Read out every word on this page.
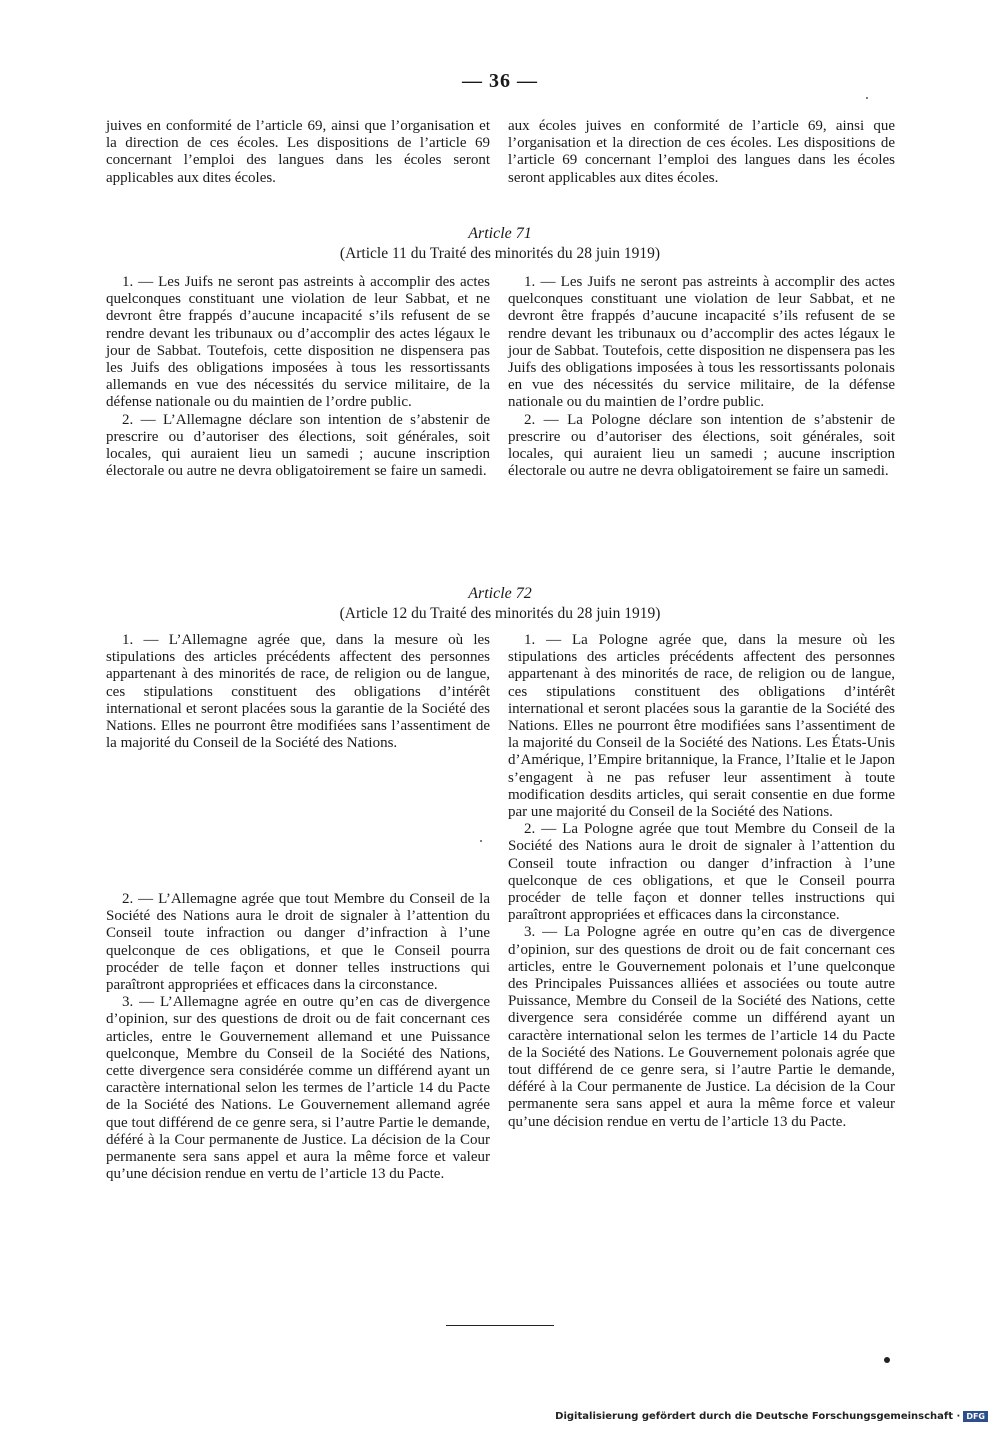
— 36 —

juives en conformité de l’article 69, ainsi que l’organisation et la direction de ces écoles. Les dispositions de l’article 69 concernant l’emploi des langues dans les écoles seront applicables aux dites écoles.

aux écoles juives en conformité de l’article 69, ainsi que l’organisation et la direction de ces écoles. Les dispositions de l’article 69 concernant l’emploi des langues dans les écoles seront applicables aux dites écoles.

Article 71
(Article 11 du Traité des minorités du 28 juin 1919)

1. — Les Juifs ne seront pas astreints à accomplir des actes quelconques constituant une violation de leur Sabbat, et ne devront être frappés d’aucune incapacité s’ils refusent de se rendre devant les tribunaux ou d’accomplir des actes légaux le jour de Sabbat. Toutefois, cette disposition ne dispensera pas les Juifs des obligations imposées à tous les ressortissants allemands en vue des nécessités du service militaire, de la défense nationale ou du maintien de l’ordre public.

2. — L’Allemagne déclare son intention de s’abstenir de prescrire ou d’autoriser des élections, soit générales, soit locales, qui auraient lieu un samedi ; aucune inscription électorale ou autre ne devra obligatoirement se faire un samedi.

1. — Les Juifs ne seront pas astreints à accomplir des actes quelconques constituant une violation de leur Sabbat, et ne devront être frappés d’aucune incapacité s’ils refusent de se rendre devant les tribunaux ou d’accomplir des actes légaux le jour de Sabbat. Toutefois, cette disposition ne dispensera pas les Juifs des obligations imposées à tous les ressortissants polonais en vue des nécessités du service militaire, de la défense nationale ou du maintien de l’ordre public.

2. — La Pologne déclare son intention de s’abstenir de prescrire ou d’autoriser des élections, soit générales, soit locales, qui auraient lieu un samedi ; aucune inscription électorale ou autre ne devra obligatoirement se faire un samedi.

Article 72
(Article 12 du Traité des minorités du 28 juin 1919)

1. — L’Allemagne agrée que, dans la mesure où les stipulations des articles précédents affectent des personnes appartenant à des minorités de race, de religion ou de langue, ces stipulations constituent des obligations d’intérêt international et seront placées sous la garantie de la Société des Nations. Elles ne pourront être modifiées sans l’assentiment de la majorité du Conseil de la Société des Nations.

2. — L’Allemagne agrée que tout Membre du Conseil de la Société des Nations aura le droit de signaler à l’attention du Conseil toute infraction ou danger d’infraction à l’une quelconque de ces obligations, et que le Conseil pourra procéder de telle façon et donner telles instructions qui paraîtront appropriées et efficaces dans la circonstance.

3. — L’Allemagne agrée en outre qu’en cas de divergence d’opinion, sur des questions de droit ou de fait concernant ces articles, entre le Gouvernement allemand et une Puissance quelconque, Membre du Conseil de la Société des Nations, cette divergence sera considérée comme un différend ayant un caractère international selon les termes de l’article 14 du Pacte de la Société des Nations. Le Gouvernement allemand agrée que tout différend de ce genre sera, si l’autre Partie le demande, déféré à la Cour permanente de Justice. La décision de la Cour permanente sera sans appel et aura la même force et valeur qu’une décision rendue en vertu de l’article 13 du Pacte.

1. — La Pologne agrée que, dans la mesure où les stipulations des articles précédents affectent des personnes appartenant à des minorités de race, de religion ou de langue, ces stipulations constituent des obligations d’intérêt international et seront placées sous la garantie de la Société des Nations. Elles ne pourront être modifiées sans l’assentiment de la majorité du Conseil de la Société des Nations. Les États-Unis d’Amérique, l’Empire britannique, la France, l’Italie et le Japon s’engagent à ne pas refuser leur assentiment à toute modification desdits articles, qui serait consentie en due forme par une majorité du Conseil de la Société des Nations.

2. — La Pologne agrée que tout Membre du Conseil de la Société des Nations aura le droit de signaler à l’attention du Conseil toute infraction ou danger d’infraction à l’une quelconque de ces obligations, et que le Conseil pourra procéder de telle façon et donner telles instructions qui paraîtront appropriées et efficaces dans la circonstance.

3. — La Pologne agrée en outre qu’en cas de divergence d’opinion, sur des questions de droit ou de fait concernant ces articles, entre le Gouvernement polonais et l’une quelconque des Principales Puissances alliées et associées ou toute autre Puissance, Membre du Conseil de la Société des Nations, cette divergence sera considérée comme un différend ayant un caractère international selon les termes de l’article 14 du Pacte de la Société des Nations. Le Gouvernement polonais agrée que tout différend de ce genre sera, si l’autre Partie le demande, déféré à la Cour permanente de Justice. La décision de la Cour permanente sera sans appel et aura la même force et valeur qu’une décision rendue en vertu de l’article 13 du Pacte.

Digitalisierung gefördert durch die Deutsche Forschungsgemeinschaft · DFG
